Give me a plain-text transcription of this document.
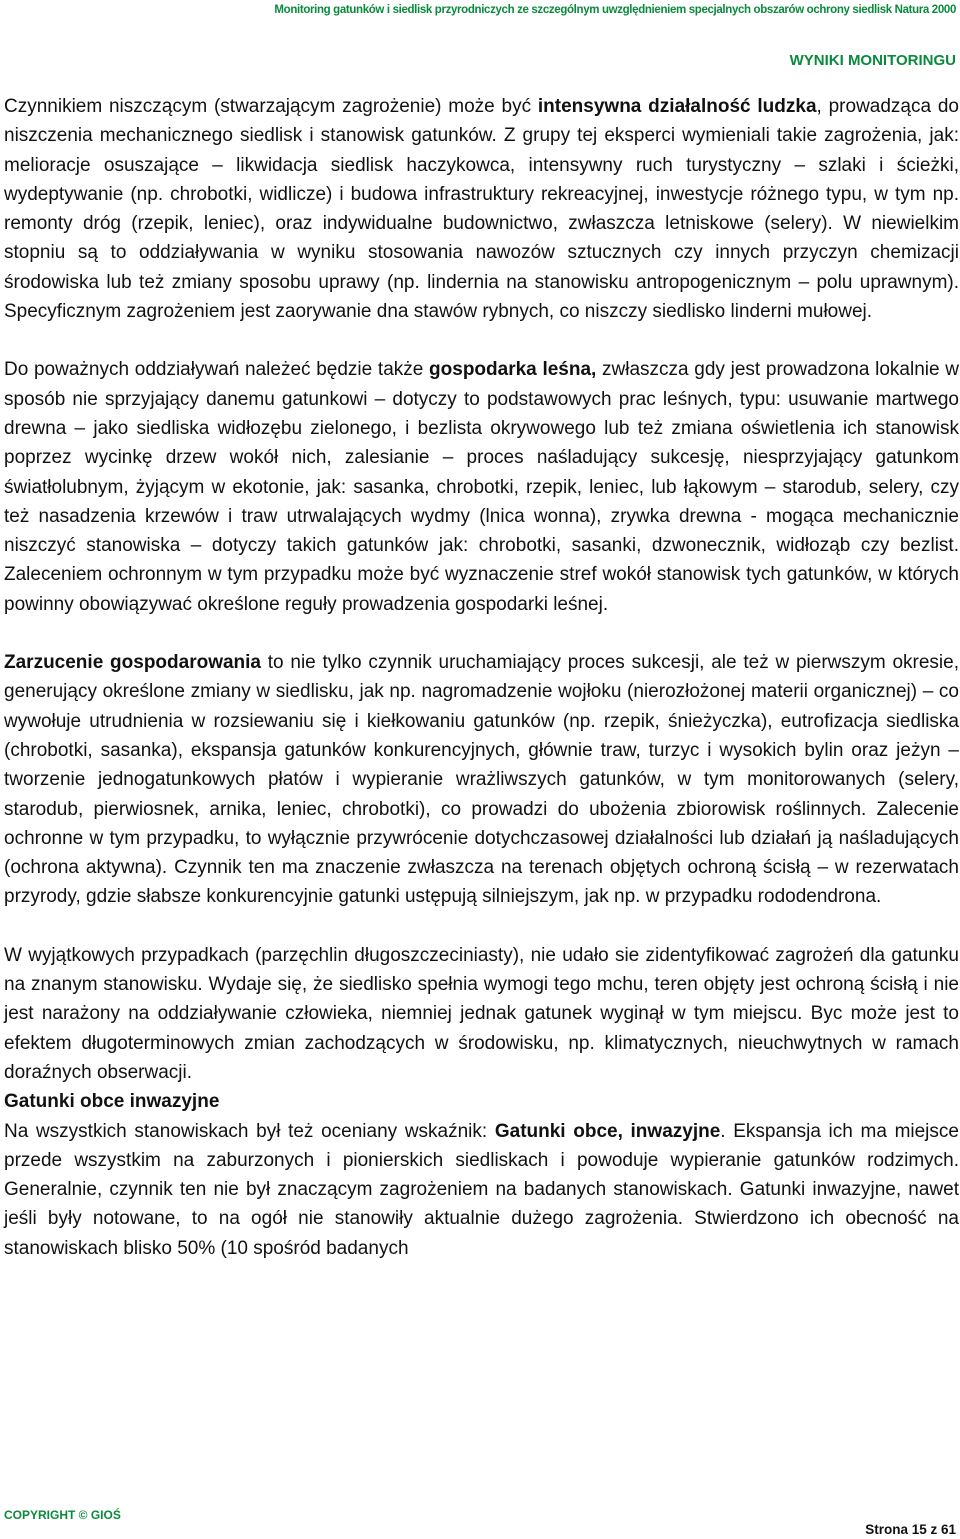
Monitoring gatunków i siedlisk przyrodniczych ze szczególnym uwzględnieniem specjalnych obszarów ochrony siedlisk Natura 2000
WYNIKI MONITORINGU

Czynnikiem niszczącym (stwarzającym zagrożenie) może być intensywna działalność ludzka, prowadząca do niszczenia mechanicznego siedlisk i stanowisk gatunków. Z grupy tej eksperci wymieniali takie zagrożenia, jak: melioracje osuszające – likwidacja siedlisk haczykowca, intensywny ruch turystyczny – szlaki i ścieżki, wydeptywanie (np. chrobotki, widlicze) i budowa infrastruktury rekreacyjnej, inwestycje różnego typu, w tym np. remonty dróg (rzepik, leniec), oraz indywidualne budownictwo, zwłaszcza letniskowe (selery). W niewielkim stopniu są to oddziaływania w wyniku stosowania nawozów sztucznych czy innych przyczyn chemizacji środowiska lub też zmiany sposobu uprawy (np. lindernia na stanowisku antropogenicznym – polu uprawnym). Specyficznym zagrożeniem jest zaorywanie dna stawów rybnych, co niszczy siedlisko linderni mułowej.

Do poważnych oddziaływań należeć będzie także gospodarka leśna, zwłaszcza gdy jest prowadzona lokalnie w sposób nie sprzyjający danemu gatunkowi – dotyczy to podstawowych prac leśnych, typu: usuwanie martwego drewna – jako siedliska widłozębu zielonego, i bezlista okrywowego lub też zmiana oświetlenia ich stanowisk poprzez wycinkę drzew wokół nich, zalesianie – proces naśladujący sukcesję, niesprzyjający gatunkom światłolubnym, żyjącym w ekotonie, jak: sasanka, chrobotki, rzepik, leniec, lub łąkowym – starodub, selery, czy też nasadzenia krzewów i traw utrwalających wydmy (lnica wonna), zrywka drewna - mogąca mechanicznie niszczyć stanowiska – dotyczy takich gatunków jak: chrobotki, sasanki, dzwonecznik, widłoząb czy bezlist. Zaleceniem ochronnym w tym przypadku może być wyznaczenie stref wokół stanowisk tych gatunków, w których powinny obowiązywać określone reguły prowadzenia gospodarki leśnej.

Zarzucenie gospodarowania to nie tylko czynnik uruchamiający proces sukcesji, ale też w pierwszym okresie, generujący określone zmiany w siedlisku, jak np. nagromadzenie wojłoku (nierozłożonej materii organicznej) – co wywołuje utrudnienia w rozsiewaniu się i kiełkowaniu gatunków (np. rzepik, śnieżyczka), eutrofizacja siedliska (chrobotki, sasanka), ekspansja gatunków konkurencyjnych, głównie traw, turzyc i wysokich bylin oraz jeżyn – tworzenie jednogatunkowych płatów i wypieranie wrażliwszych gatunków, w tym monitorowanych (selery, starodub, pierwiosnek, arnika, leniec, chrobotki), co prowadzi do ubożenia zbiorowisk roślinnych. Zalecenie ochronne w tym przypadku, to wyłącznie przywrócenie dotychczasowej działalności lub działań ją naśladujących (ochrona aktywna). Czynnik ten ma znaczenie zwłaszcza na terenach objętych ochroną ścisłą – w rezerwatach przyrody, gdzie słabsze konkurencyjnie gatunki ustępują silniejszym, jak np. w przypadku rododendrona.

W wyjątkowych przypadkach (parzęchlin długoszczeciniasty), nie udało sie zidentyfikować zagrożeń dla gatunku na znanym stanowisku. Wydaje się, że siedlisko spełnia wymogi tego mchu, teren objęty jest ochroną ścisłą i nie jest narażony na oddziaływanie człowieka, niemniej jednak gatunek wyginął w tym miejscu. Byc może jest to efektem długoterminowych zmian zachodzących w środowisku, np. klimatycznych, nieuchwytnych w ramach doraźnych obserwacji.

Gatunki obce inwazyjne

Na wszystkich stanowiskach był też oceniany wskaźnik: Gatunki obce, inwazyjne. Ekspansja ich ma miejsce przede wszystkim na zaburzonych i pionierskich siedliskach i powoduje wypieranie gatunków rodzimych. Generalnie, czynnik ten nie był znaczącym zagrożeniem na badanych stanowiskach. Gatunki inwazyjne, nawet jeśli były notowane, to na ogół nie stanowiły aktualnie dużego zagrożenia. Stwierdzono ich obecność na stanowiskach blisko 50% (10 spośród badanych

COPYRIGHT © GIOŚ
Strona 15 z 61
